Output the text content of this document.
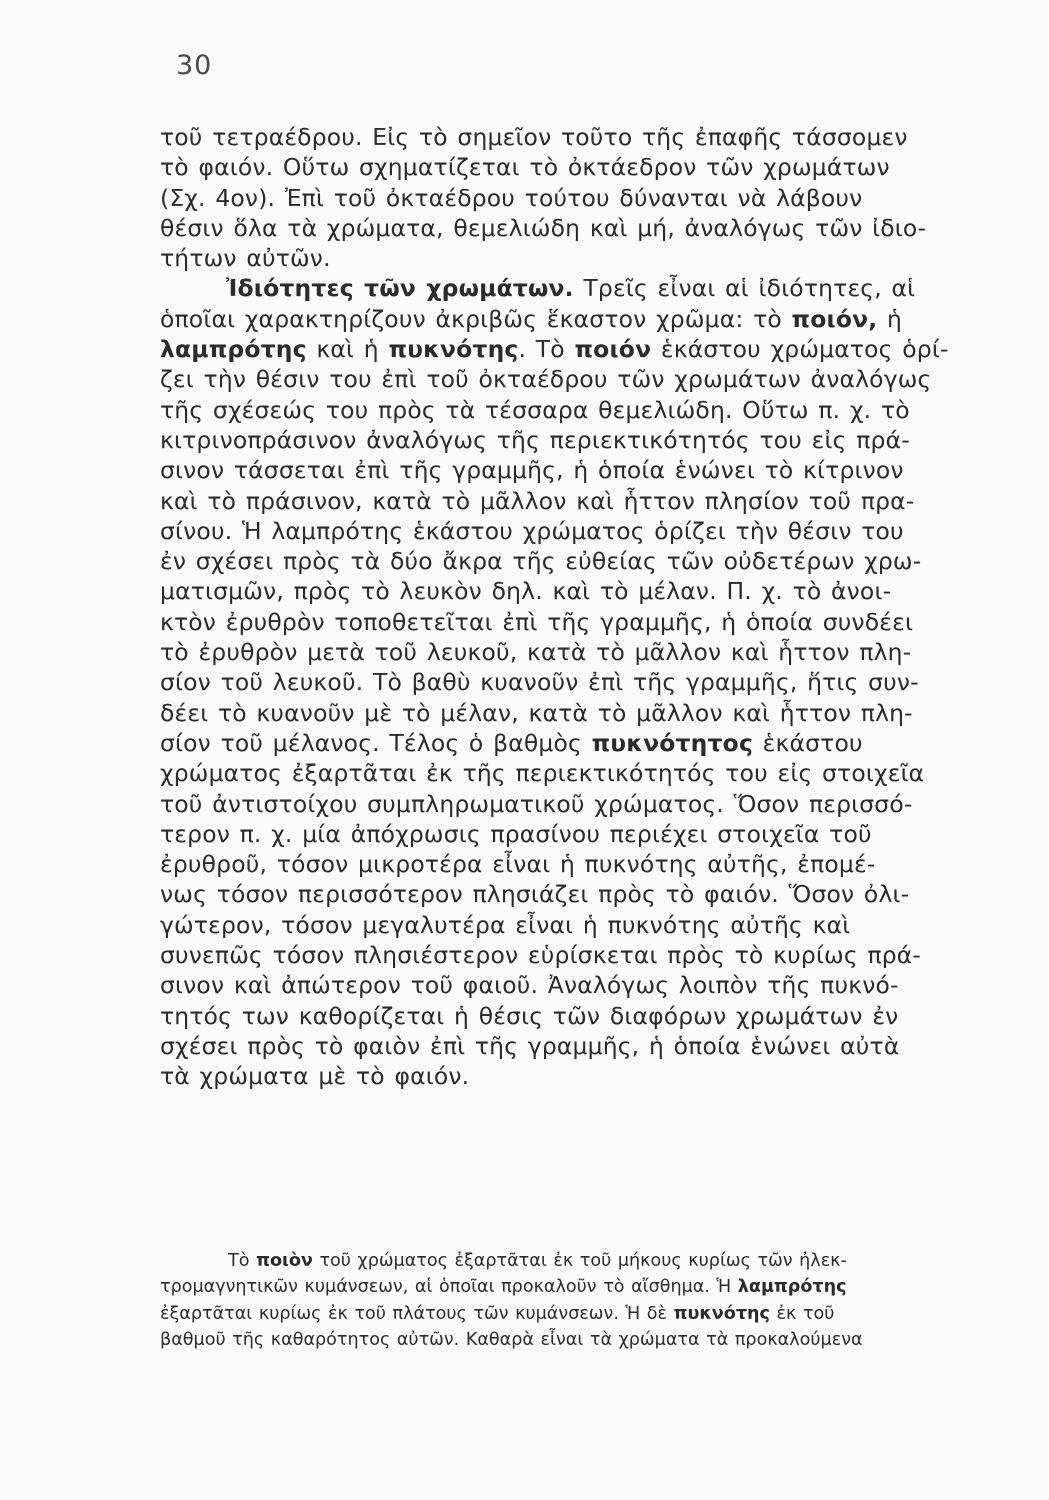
30
τοῦ τετραέδρου. Εἰς τὸ σημεῖον τοῦτο τῆς ἐπαφῆς τάσσομεν
τὸ φαιόν. Οὕτω σχηματίζεται τὸ ὀκτάεδρον τῶν χρωμάτων
(Σχ. 4ον). Ἐπὶ τοῦ ὀκταέδρου τούτου δύνανται νὰ λάβουν
θέσιν ὅλα τὰ χρώματα, θεμελιώδη καὶ μή, ἀναλόγως τῶν ἰδιο-
τήτων αὐτῶν.
Ἰδιότητες τῶν χρωμάτων. Τρεῖς εἶναι αἱ ἰδιότητες, αἱ
ὁποῖαι χαρακτηρίζουν ἀκριβῶς ἕκαστον χρῶμα: τὸ ποιόν, ἡ
λαμπρότης καὶ ἡ πυκνότης. Τὸ ποιόν ἑκάστου χρώματος ὁρί-
ζει τὴν θέσιν του ἐπὶ τοῦ ὀκταέδρου τῶν χρωμάτων ἀναλόγως
τῆς σχέσεώς του πρὸς τὰ τέσσαρα θεμελιώδη. Οὕτω π. χ. τὸ
κιτρινοπράσινον ἀναλόγως τῆς περιεκτικότητός του εἰς πρά-
σινον τάσσεται ἐπὶ τῆς γραμμῆς, ἡ ὁποία ἑνώνει τὸ κίτρινον
καὶ τὸ πράσινον, κατὰ τὸ μᾶλλον καὶ ἧττον πλησίον τοῦ πρα-
σίνου. Ἡ λαμπρότης ἑκάστου χρώματος ὁρίζει τὴν θέσιν του
ἐν σχέσει πρὸς τὰ δύο ἄκρα τῆς εὐθείας τῶν οὐδετέρων χρω-
ματισμῶν, πρὸς τὸ λευκὸν δηλ. καὶ τὸ μέλαν. Π. χ. τὸ ἀνοι-
κτὸν ἐρυθρὸν τοποθετεῖται ἐπὶ τῆς γραμμῆς, ἡ ὁποία συνδέει
τὸ ἐρυθρὸν μετὰ τοῦ λευκοῦ, κατὰ τὸ μᾶλλον καὶ ἧττον πλη-
σίον τοῦ λευκοῦ. Τὸ βαθὺ κυανοῦν ἐπὶ τῆς γραμμῆς, ἥτις συν-
δέει τὸ κυανοῦν μὲ τὸ μέλαν, κατὰ τὸ μᾶλλον καὶ ἧττον πλη-
σίον τοῦ μέλανος. Τέλος ὁ βαθμὸς πυκνότητος ἑκάστου
χρώματος ἐξαρτᾶται ἐκ τῆς περιεκτικότητός του εἰς στοιχεῖα
τοῦ ἀντιστοίχου συμπληρωματικοῦ χρώματος. Ὅσον περισσό-
τερον π. χ. μία ἀπόχρωσις πρασίνου περιέχει στοιχεῖα τοῦ
ἐρυθροῦ, τόσον μικροτέρα εἶναι ἡ πυκνότης αὐτῆς, ἐπομέ-
νως τόσον περισσότερον πλησιάζει πρὸς τὸ φαιόν. Ὅσον ὀλι-
γώτερον, τόσον μεγαλυτέρα εἶναι ἡ πυκνότης αὐτῆς καὶ
συνεπῶς τόσον πλησιέστερον εὑρίσκεται πρὸς τὸ κυρίως πρά-
σινον καὶ ἀπώτερον τοῦ φαιοῦ. Ἀναλόγως λοιπὸν τῆς πυκνό-
τητός των καθορίζεται ἡ θέσις τῶν διαφόρων χρωμάτων ἐν
σχέσει πρὸς τὸ φαιὸν ἐπὶ τῆς γραμμῆς, ἡ ὁποία ἑνώνει αὐτὰ
τὰ χρώματα μὲ τὸ φαιόν.
Τὸ ποιὸν τοῦ χρώματος ἐξαρτᾶται ἐκ τοῦ μήκους κυρίως τῶν ἠλεκ-
τρομαγνητικῶν κυμάνσεων, αἱ ὁποῖαι προκαλοῦν τὸ αἴσθημα. Ἡ λαμπρότης
ἐξαρτᾶται κυρίως ἐκ τοῦ πλάτους τῶν κυμάνσεων. Ἡ δὲ πυκνότης ἐκ τοῦ
βαθμοῦ τῆς καθαρότητος αὐτῶν. Καθαρὰ εἶναι τὰ χρώματα τὰ προκαλούμενα
